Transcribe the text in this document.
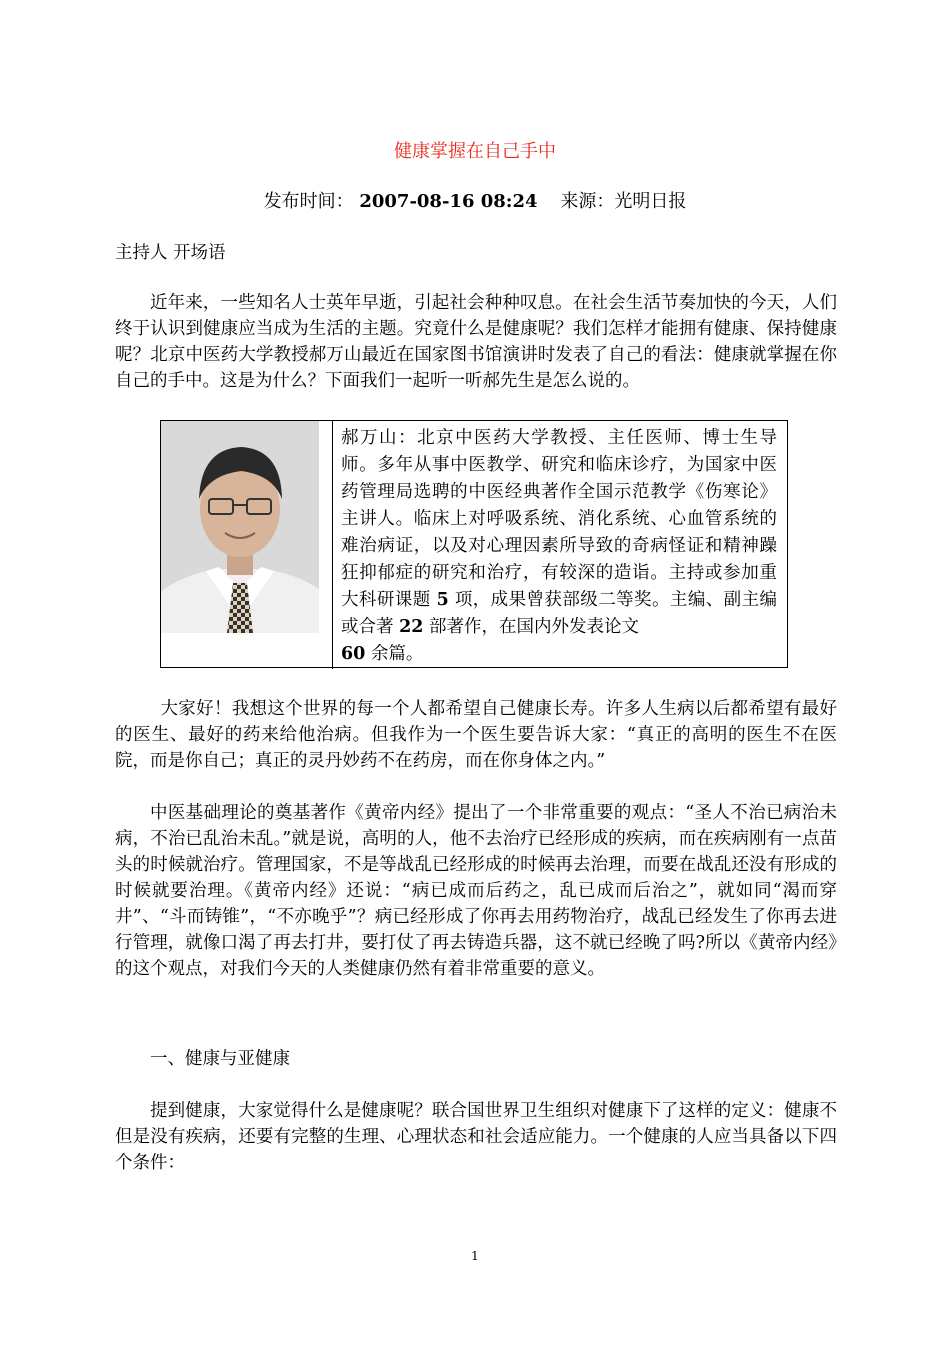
健康掌握在自己手中
发布时间： 2007-08-16 08:24 来源：光明日报

主持人 开场语

近年来，一些知名人士英年早逝，引起社会种种叹息。在社会生活节奏加快的今天，人们终于认识到健康应当成为生活的主题。究竟什么是健康呢？我们怎样才能拥有健康、保持健康呢？北京中医药大学教授郝万山最近在国家图书馆演讲时发表了自己的看法：健康就掌握在你自己的手中。这是为什么？下面我们一起听一听郝先生是怎么说的。

郝万山：北京中医药大学教授、主任医师、博士生导师。多年从事中医教学、研究和临床诊疗，为国家中医药管理局选聘的中医经典著作全国示范教学《伤寒论》主讲人。临床上对呼吸系统、消化系统、心血管系统的难治病证，以及对心理因素所导致的奇病怪证和精神躁狂抑郁症的研究和治疗，有较深的造诣。主持或参加重大科研课题 5 项，成果曾获部级二等奖。主编、副主编或合著 22 部著作，在国内外发表论文
60 余篇。

大家好！我想这个世界的每一个人都希望自己健康长寿。许多人生病以后都希望有最好的医生、最好的药来给他治病。但我作为一个医生要告诉大家：“真正的高明的医生不在医院，而是你自己；真正的灵丹妙药不在药房，而在你身体之内。”

中医基础理论的奠基著作《黄帝内经》提出了一个非常重要的观点：“圣人不治已病治未病，不治已乱治未乱。”就是说，高明的人，他不去治疗已经形成的疾病，而在疾病刚有一点苗头的时候就治疗。管理国家，不是等战乱已经形成的时候再去治理，而要在战乱还没有形成的时候就要治理。《黄帝内经》还说：“病已成而后药之，乱已成而后治之”，就如同“渴而穿井”、“斗而铸锥”，“不亦晚乎”？病已经形成了你再去用药物治疗，战乱已经发生了你再去进行管理，就像口渴了再去打井，要打仗了再去铸造兵器，这不就已经晚了吗?所以《黄帝内经》的这个观点，对我们今天的人类健康仍然有着非常重要的意义。

一、健康与亚健康

提到健康，大家觉得什么是健康呢？联合国世界卫生组织对健康下了这样的定义：健康不但是没有疾病，还要有完整的生理、心理状态和社会适应能力。一个健康的人应当具备以下四个条件：

1
